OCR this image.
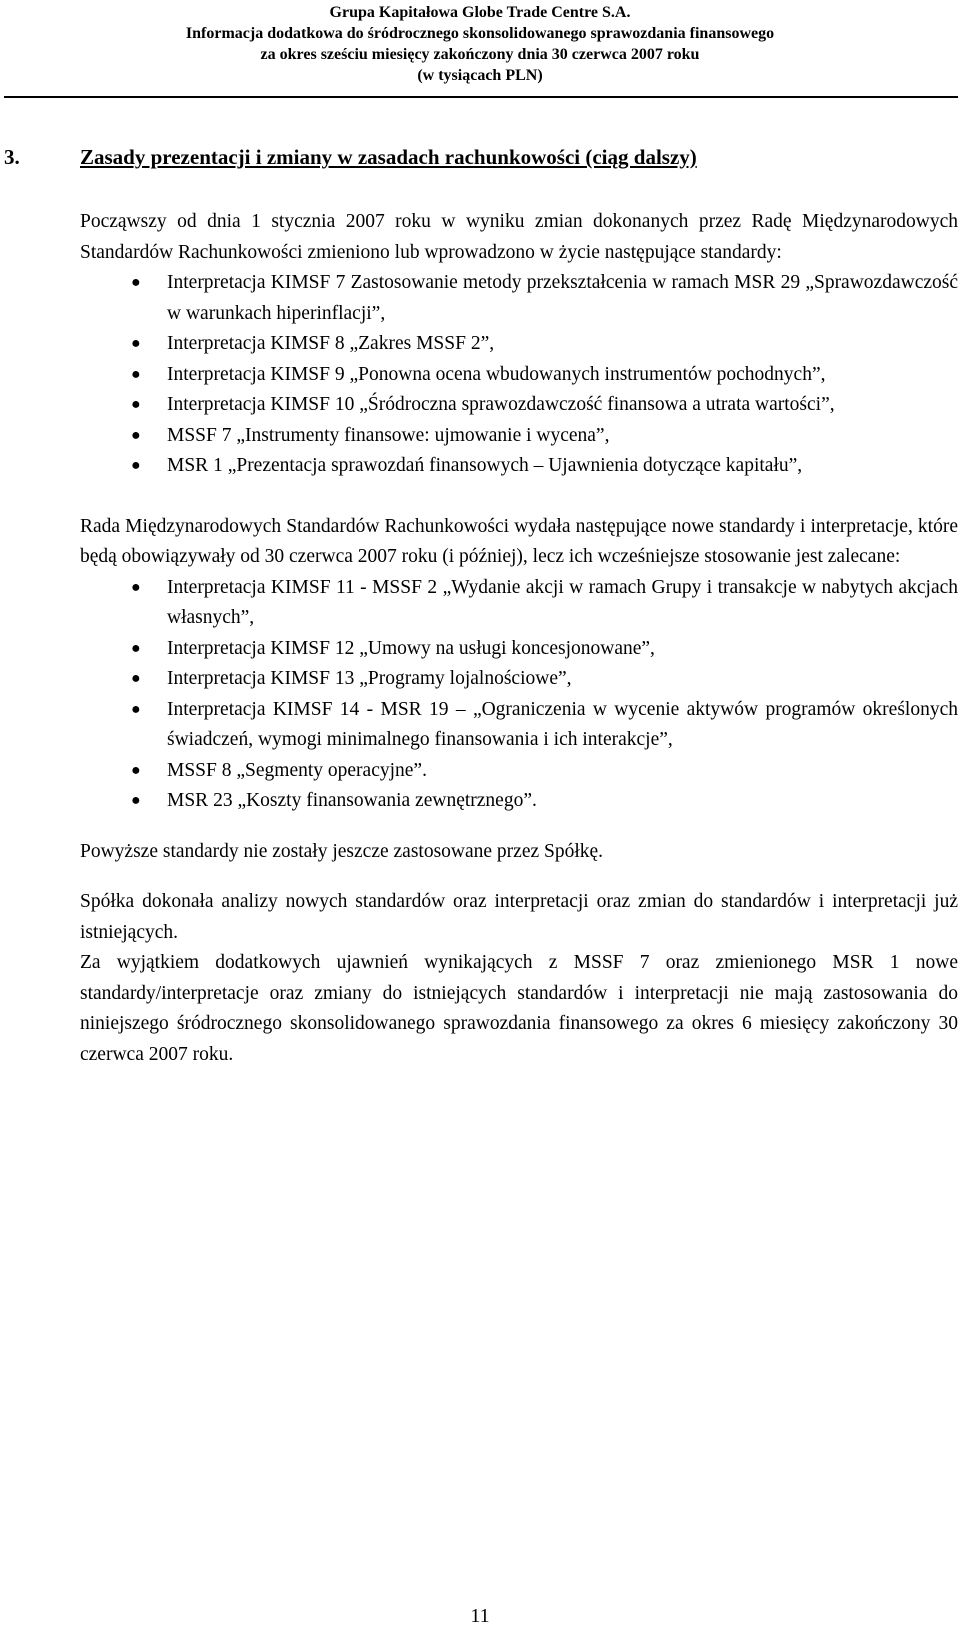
Grupa Kapitałowa Globe Trade Centre S.A.
Informacja dodatkowa do śródrocznego skonsolidowanego sprawozdania finansowego
za okres sześciu miesięcy zakończony dnia 30 czerwca 2007 roku
(w tysiącach PLN)
3.	Zasady prezentacji i zmiany w zasadach rachunkowości (ciąg dalszy)

Począwszy od dnia 1 stycznia 2007 roku w wyniku zmian dokonanych przez Radę Międzynarodowych Standardów Rachunkowości zmieniono lub wprowadzono w życie następujące standardy:

● Interpretacja KIMSF 7 Zastosowanie metody przekształcenia w ramach MSR 29 „Sprawozdawczość w warunkach hiperinflacji”,
● Interpretacja KIMSF 8 „Zakres MSSF 2”,
● Interpretacja KIMSF 9 „Ponowna ocena wbudowanych instrumentów pochodnych”,
● Interpretacja KIMSF 10 „Śródroczna sprawozdawczość finansowa a utrata wartości”,
● MSSF 7 „Instrumenty finansowe: ujmowanie i wycena”,
● MSR 1 „Prezentacja sprawozdań finansowych – Ujawnienia dotyczące kapitału”,

Rada Międzynarodowych Standardów Rachunkowości wydała następujące nowe standardy i interpretacje, które będą obowiązywały od 30 czerwca 2007 roku (i później), lecz ich wcześniejsze stosowanie jest zalecane:

● Interpretacja KIMSF 11 - MSSF 2 „Wydanie akcji w ramach Grupy i transakcje w nabytych akcjach własnych”,
● Interpretacja KIMSF 12 „Umowy na usługi koncesjonowane”,
● Interpretacja KIMSF 13 „Programy lojalnościowe”,
● Interpretacja KIMSF 14 - MSR 19 – „Ograniczenia w wycenie aktywów programów określonych świadczeń, wymogi minimalnego finansowania i ich interakcje”,
● MSSF 8 „Segmenty operacyjne”.
● MSR 23 „Koszty finansowania zewnętrznego”.

Powyższe standardy nie zostały jeszcze zastosowane przez Spółkę.

Spółka dokonała analizy nowych standardów oraz interpretacji oraz zmian do standardów i interpretacji już istniejących.

Za wyjątkiem dodatkowych ujawnień wynikających z MSSF 7 oraz zmienionego MSR 1 nowe standardy/interpretacje oraz zmiany do istniejących standardów i interpretacji nie mają zastosowania do niniejszego śródrocznego skonsolidowanego sprawozdania finansowego za okres 6 miesięcy zakończony 30 czerwca 2007 roku.

11
